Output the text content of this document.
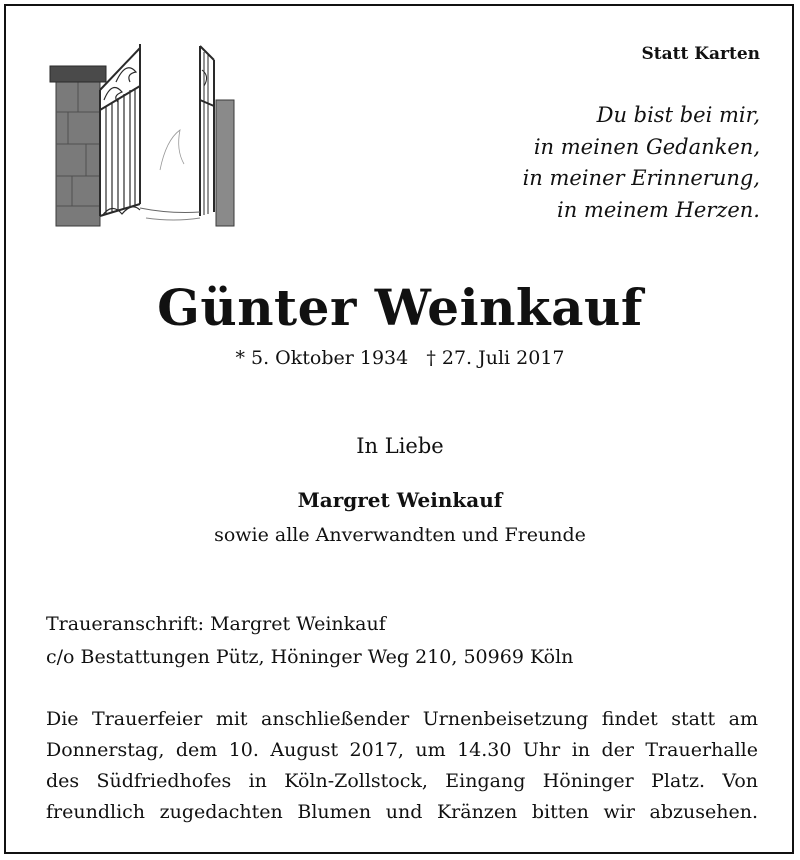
Statt Karten
Du bist bei mir,
in meinen Gedanken,
in meiner Erinnerung,
in meinem Herzen.
Günter Weinkauf
* 5. Oktober 1934   † 27. Juli 2017
In Liebe
Margret Weinkauf
sowie alle Anverwandten und Freunde
Traueranschrift: Margret Weinkauf
c/o Bestattungen Pütz, Höninger Weg 210, 50969 Köln
Die Trauerfeier mit anschließender Urnenbeisetzung findet statt am
Donnerstag, dem 10. August 2017, um 14.30 Uhr in der Trauerhalle
des Südfriedhofes in Köln-Zollstock, Eingang Höninger Platz. Von
freundlich zugedachten Blumen und Kränzen bitten wir abzusehen.
